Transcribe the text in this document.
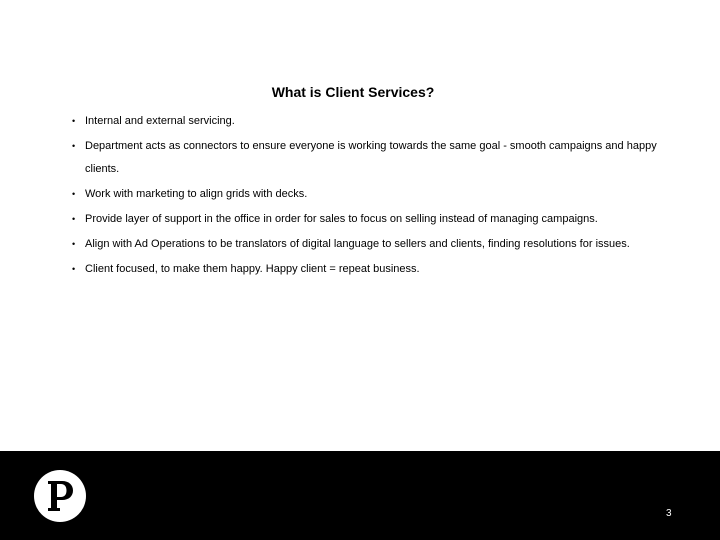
What is Client Services?
• Internal and external servicing.
• Department acts as connectors to ensure everyone is working towards the same goal - smooth campaigns and happy clients.
• Work with marketing to align grids with decks.
• Provide layer of support in the office in order for sales to focus on selling instead of managing campaigns.
• Align with Ad Operations to be translators of digital language to sellers and clients, finding resolutions for issues.
• Client focused, to make them happy. Happy client = repeat business.
3
